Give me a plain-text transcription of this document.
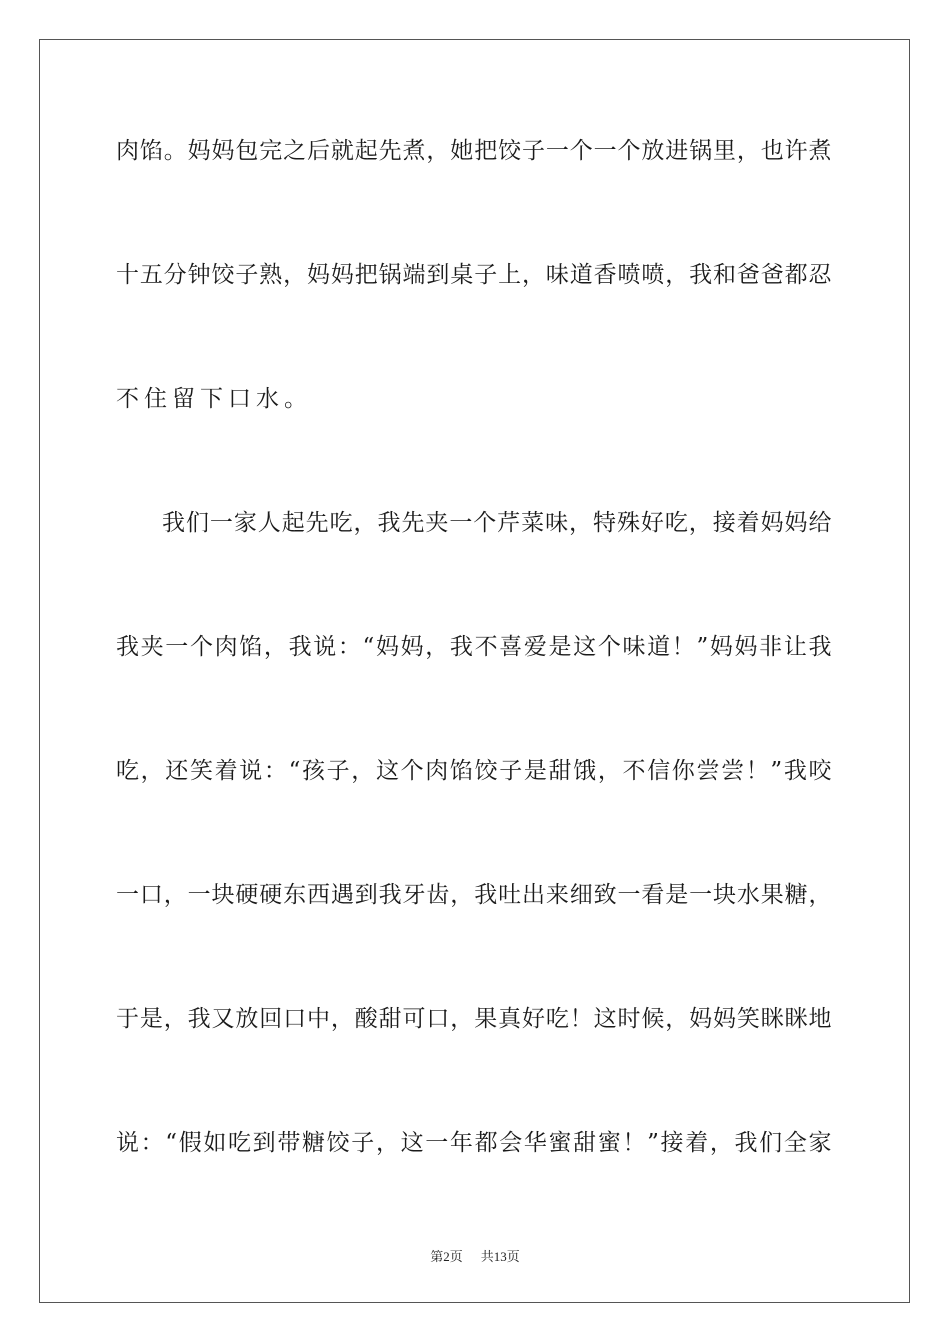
肉馅。妈妈包完之后就起先煮，她把饺子一个一个放进锅里，也许煮
十五分钟饺子熟，妈妈把锅端到桌子上，味道香喷喷，我和爸爸都忍
不住留下口水。
我们一家人起先吃，我先夹一个芹菜味，特殊好吃，接着妈妈给
我夹一个肉馅，我说：“妈妈，我不喜爱是这个味道！”妈妈非让我
吃，还笑着说：“孩子，这个肉馅饺子是甜饿，不信你尝尝！”我咬
一口，一块硬硬东西遇到我牙齿，我吐出来细致一看是一块水果糖，
于是，我又放回口中，酸甜可口，果真好吃！这时候，妈妈笑眯眯地
说：“假如吃到带糖饺子，这一年都会华蜜甜蜜！”接着，我们全家
第2页 共13页
